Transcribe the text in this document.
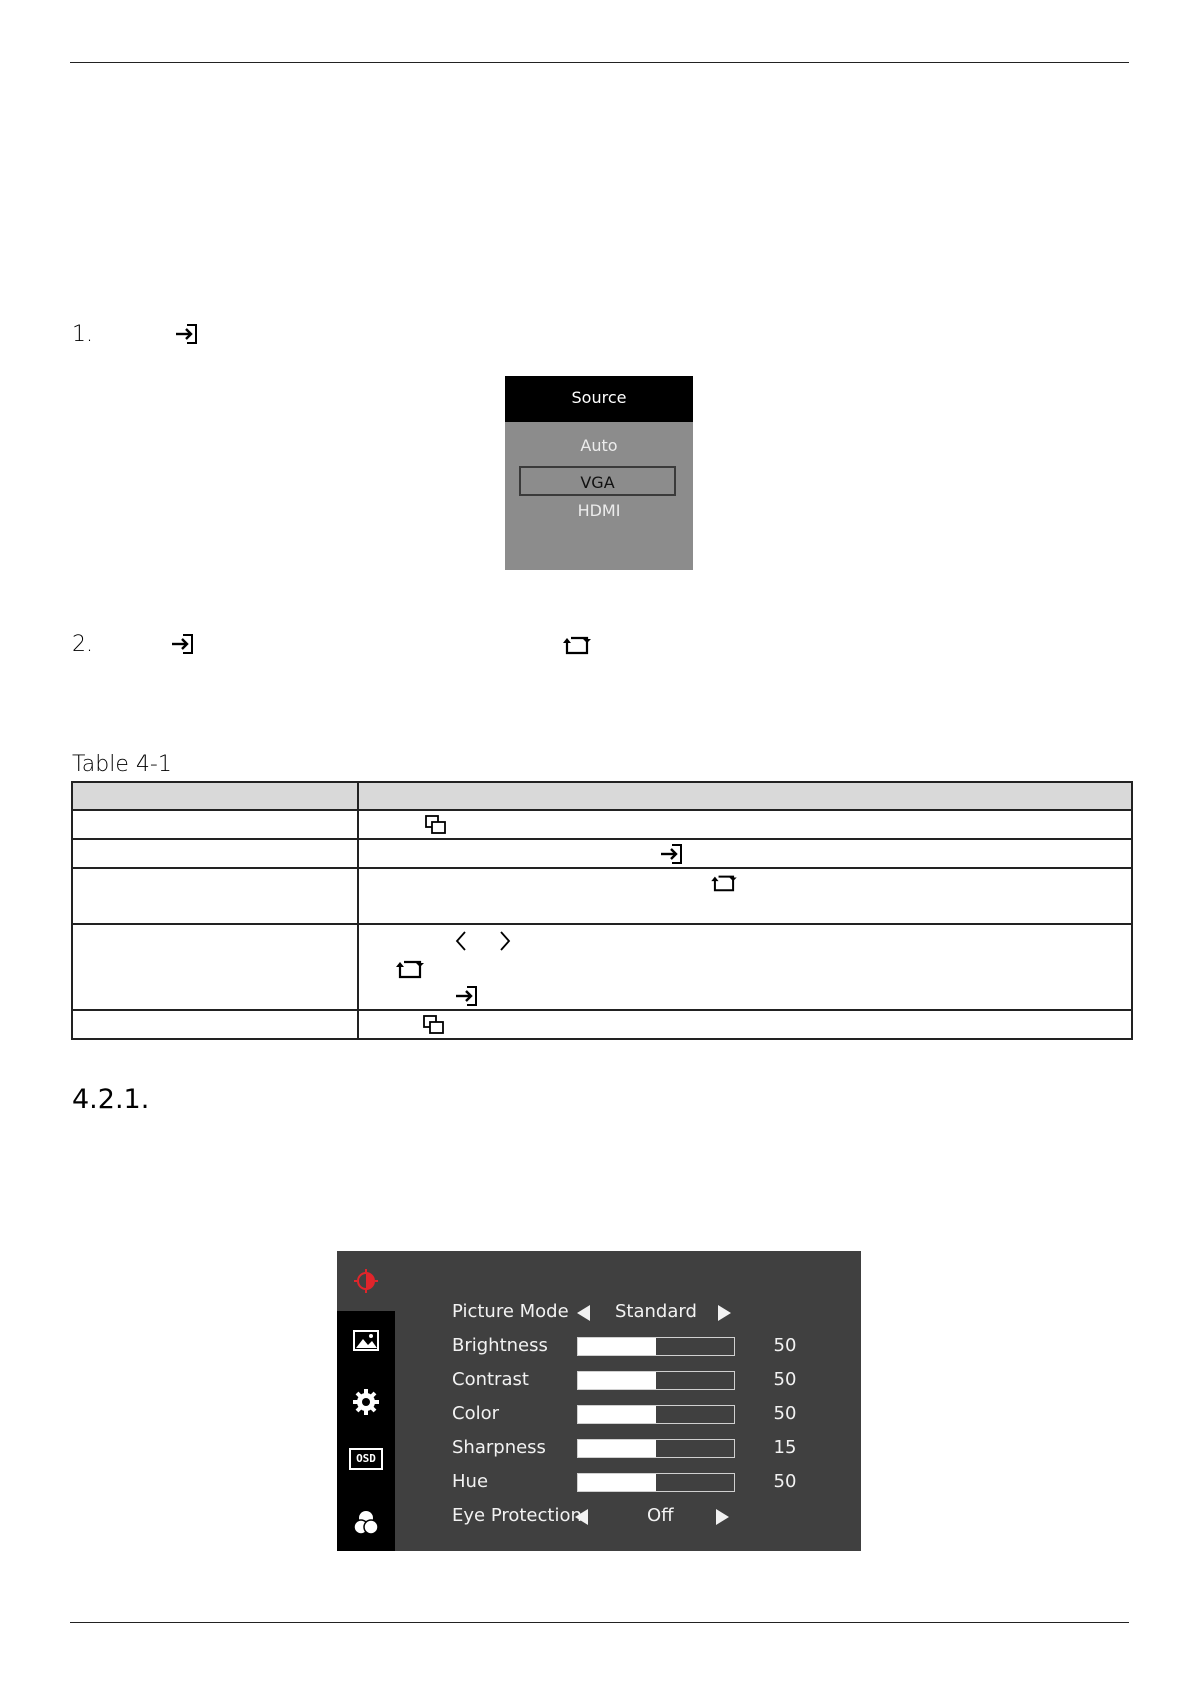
1.
Source
Auto
VGA
HDMI
2.
Table 4-1

4.2.1.
OSD
Picture Mode	Standard
Brightness	50
Contrast	50
Color	50
Sharpness	15
Hue	50
Eye Protection	Off
